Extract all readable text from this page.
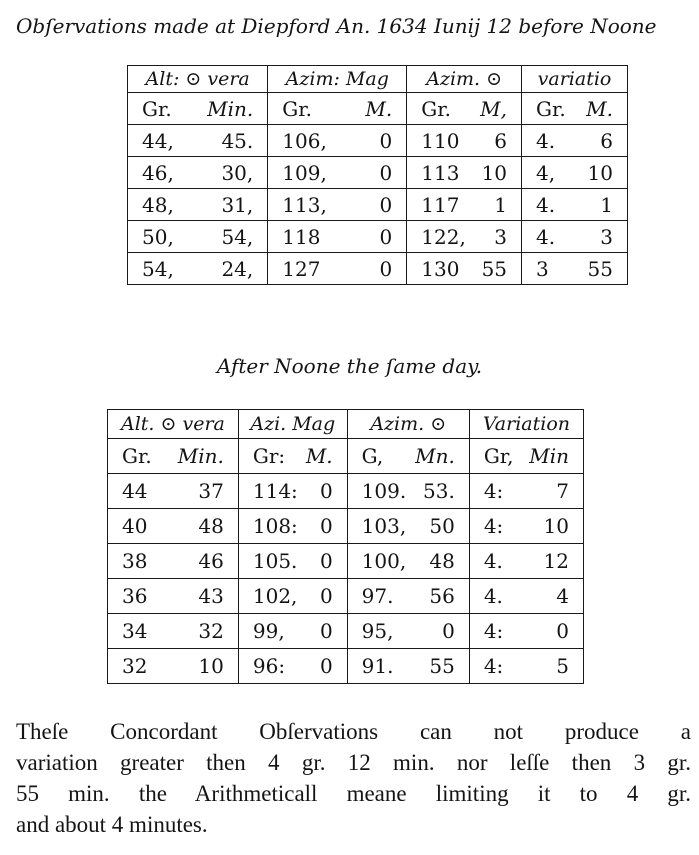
Obſervations made at Diepford An. 1634 Iunij 12 before Noone
Alt: ⊙ vera	Azim: Mag	Azim. ⊙	variatio

Gr. Min.	Gr. M.	Gr. M,	Gr. M.

44, 45.	106, 0	110 6	4. 6

46, 30,	109, 0	113 10	4, 10

48, 31,	113, 0	117 1	4. 1

50, 54,	118 0	122, 3	4. 3

54, 24,	127 0	130 55	3 55
After Noone the ſame day.
Alt. ⊙ vera	Azi. Mag	Azim. ⊙	Variation

Gr. Min.	Gr: M.	G, Mn.	Gr, Min

44 37	114: 0	109. 53.	4: 7

40 48	108: 0	103, 50	4: 10

38 46	105. 0	100, 48	4. 12

36 43	102, 0	97. 56	4. 4

34 32	99, 0	95, 0	4: 0

32 10	96: 0	91. 55	4: 5
Theſe Concordant Obſervations can not produce a
variation greater then 4 gr. 12 min. nor leſſe then 3 gr.
55 min. the Arithmeticall meane limiting it to 4 gr.
and about 4 minutes.
